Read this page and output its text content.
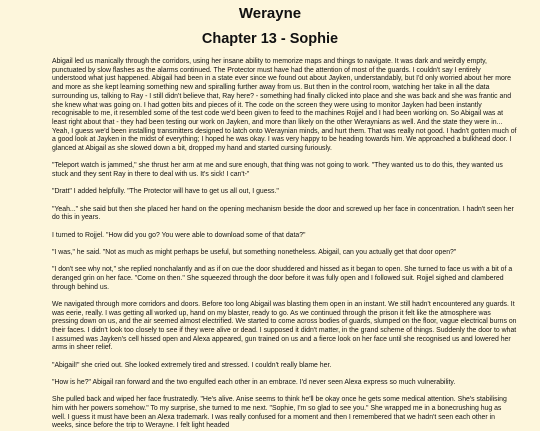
Werayne
Chapter 13 - Sophie

Abigail led us manically through the corridors, using her insane ability to memorize maps and things to navigate. It was dark and weirdly empty, punctuated by slow flashes as the alarms continued. The Protector must have had the attention of most of the guards. I couldn't say I entirely understood what just happened. Abigail had been in a state ever since we found out about Jayken, understandably, but I'd only worried about her more and more as she kept learning something new and spiralling further away from us. But then in the control room, watching her take in all the data surrounding us, talking to Ray - I still didn't believe that, Ray here? - something had finally clicked into place and she was back and she was frantic and she knew what was going on. I had gotten bits and pieces of it. The code on the screen they were using to monitor Jayken had been instantly recognisable to me, it resembled some of the test code we'd been given to feed to the machines Rojjel and I had been working on. So Abigail was at least right about that - they had been testing our work on Jayken, and more than likely on the other Weraynians as well. And the state they were in... Yeah, I guess we'd been installing transmitters designed to latch onto Weraynian minds, and hurt them. That was really not good. I hadn't gotten much of a good look at Jayken in the midst of everything; I hoped he was okay. I was very happy to be heading towards him. We approached a bulkhead door. I glanced at Abigail as she slowed down a bit, dropped my hand and started cursing furiously.

"Teleport watch is jammed," she thrust her arm at me and sure enough, that thing was not going to work. "They wanted us to do this, they wanted us stuck and they sent Ray in there to deal with us. It's sick! I can't-"

"Dratt" I added helpfully. "The Protector will have to get us all out, I guess."

"Yeah..." she said but then she placed her hand on the opening mechanism beside the door and screwed up her face in concentration. I hadn't seen her do this in years.

I turned to Rojjel. "How did you go? You were able to download some of that data?"

"I was," he said. "Not as much as might perhaps be useful, but something nonetheless. Abigail, can you actually get that door open?"

"I don't see why not," she replied nonchalantly and as if on cue the door shuddered and hissed as it began to open. She turned to face us with a bit of a deranged grin on her face. "Come on then." She squeezed through the door before it was fully open and I followed suit. Rojjel sighed and clambered through behind us.

We navigated through more corridors and doors. Before too long Abigail was blasting them open in an instant. We still hadn't encountered any guards. It was eerie, really. I was getting all worked up, hand on my blaster, ready to go. As we continued through the prison it felt like the atmosphere was pressing down on us, and the air seemed almost electrified. We started to come across bodies of guards, slumped on the floor, vague electrical burns on their faces. I didn't look too closely to see if they were alive or dead. I supposed it didn't matter, in the grand scheme of things. Suddenly the door to what I assumed was Jayken's cell hissed open and Alexa appeared, gun trained on us and a fierce look on her face until she recognised us and lowered her arms in sheer relief.

"Abigail!" she cried out. She looked extremely tired and stressed. I couldn't really blame her.

"How is he?" Abigail ran forward and the two engulfed each other in an embrace. I'd never seen Alexa express so much vulnerability.

She pulled back and wiped her face frustratedly. "He's alive. Anise seems to think he'll be okay once he gets some medical attention. She's stabilising him with her powers somehow." To my surprise, she turned to me next. "Sophie, I'm so glad to see you." She wrapped me in a bonecrushing hug as well. I guess it must have been an Alexa trademark. I was really confused for a moment and then I remembered that we hadn't seen each other in weeks, since before the trip to Werayne. I felt light headed
